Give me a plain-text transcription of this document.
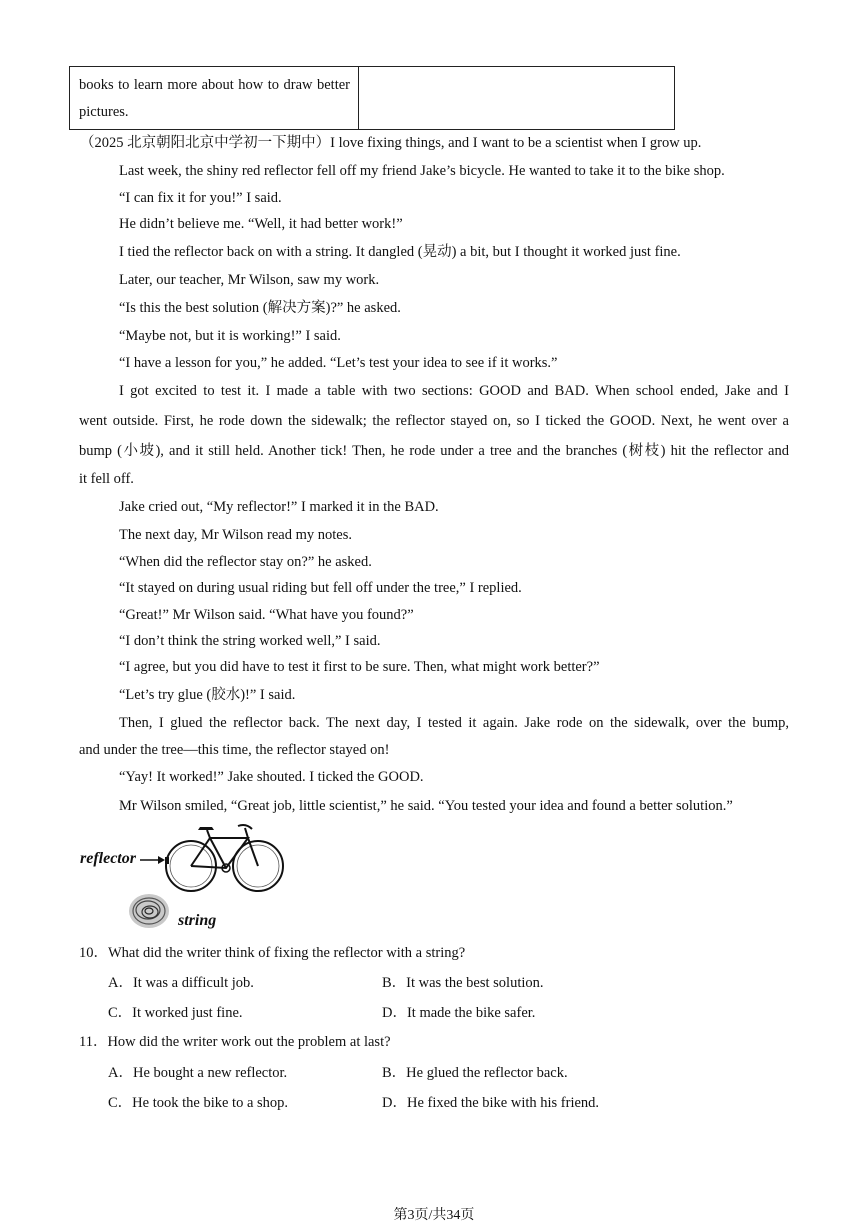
books to learn more about how to draw better pictures.
（2025 北京朝阳北京中学初一下期中）I love fixing things, and I want to be a scientist when I grow up.
Last week, the shiny red reflector fell off my friend Jake’s bicycle. He wanted to take it to the bike shop.
“I can fix it for you!” I said.
He didn’t believe me. “Well, it had better work!”
I tied the reflector back on with a string. It dangled (晃动) a bit, but I thought it worked just fine.
Later, our teacher, Mr Wilson, saw my work.
“Is this the best solution (解决方案)?” he asked.
“Maybe not, but it is working!” I said.
“I have a lesson for you,” he added. “Let’s test your idea to see if it works.”
I got excited to test it. I made a table with two sections: GOOD and BAD. When school ended, Jake and I
went outside. First, he rode down the sidewalk; the reflector stayed on, so I ticked the GOOD. Next, he went over a
bump (小坡), and it still held. Another tick! Then, he rode under a tree and the branches (树枝) hit the reflector and
it fell off.
Jake cried out, “My reflector!” I marked it in the BAD.
The next day, Mr Wilson read my notes.
“When did the reflector stay on?” he asked.
“It stayed on during usual riding but fell off under the tree,” I replied.
“Great!” Mr Wilson said. “What have you found?”
“I don’t think the string worked well,” I said.
“I agree, but you did have to test it first to be sure. Then, what might work better?”
“Let’s try glue (胶水)!” I said.
Then, I glued the reflector back. The next day, I tested it again. Jake rode on the sidewalk, over the bump,
and under the tree—this time, the reflector stayed on!
“Yay! It worked!” Jake shouted. I ticked the GOOD.
Mr Wilson smiled, “Great job, little scientist,” he said. “You tested your idea and found a better solution.”
reflector
string
10．What did the writer think of fixing the reflector with a string?
A．It was a difficult job.	B．It was the best solution.
C．It worked just fine.	D．It made the bike safer.
11．How did the writer work out the problem at last?
A．He bought a new reflector.	B．He glued the reflector back.
C．He took the bike to a shop.	D．He fixed the bike with his friend.
第3页/共34页
